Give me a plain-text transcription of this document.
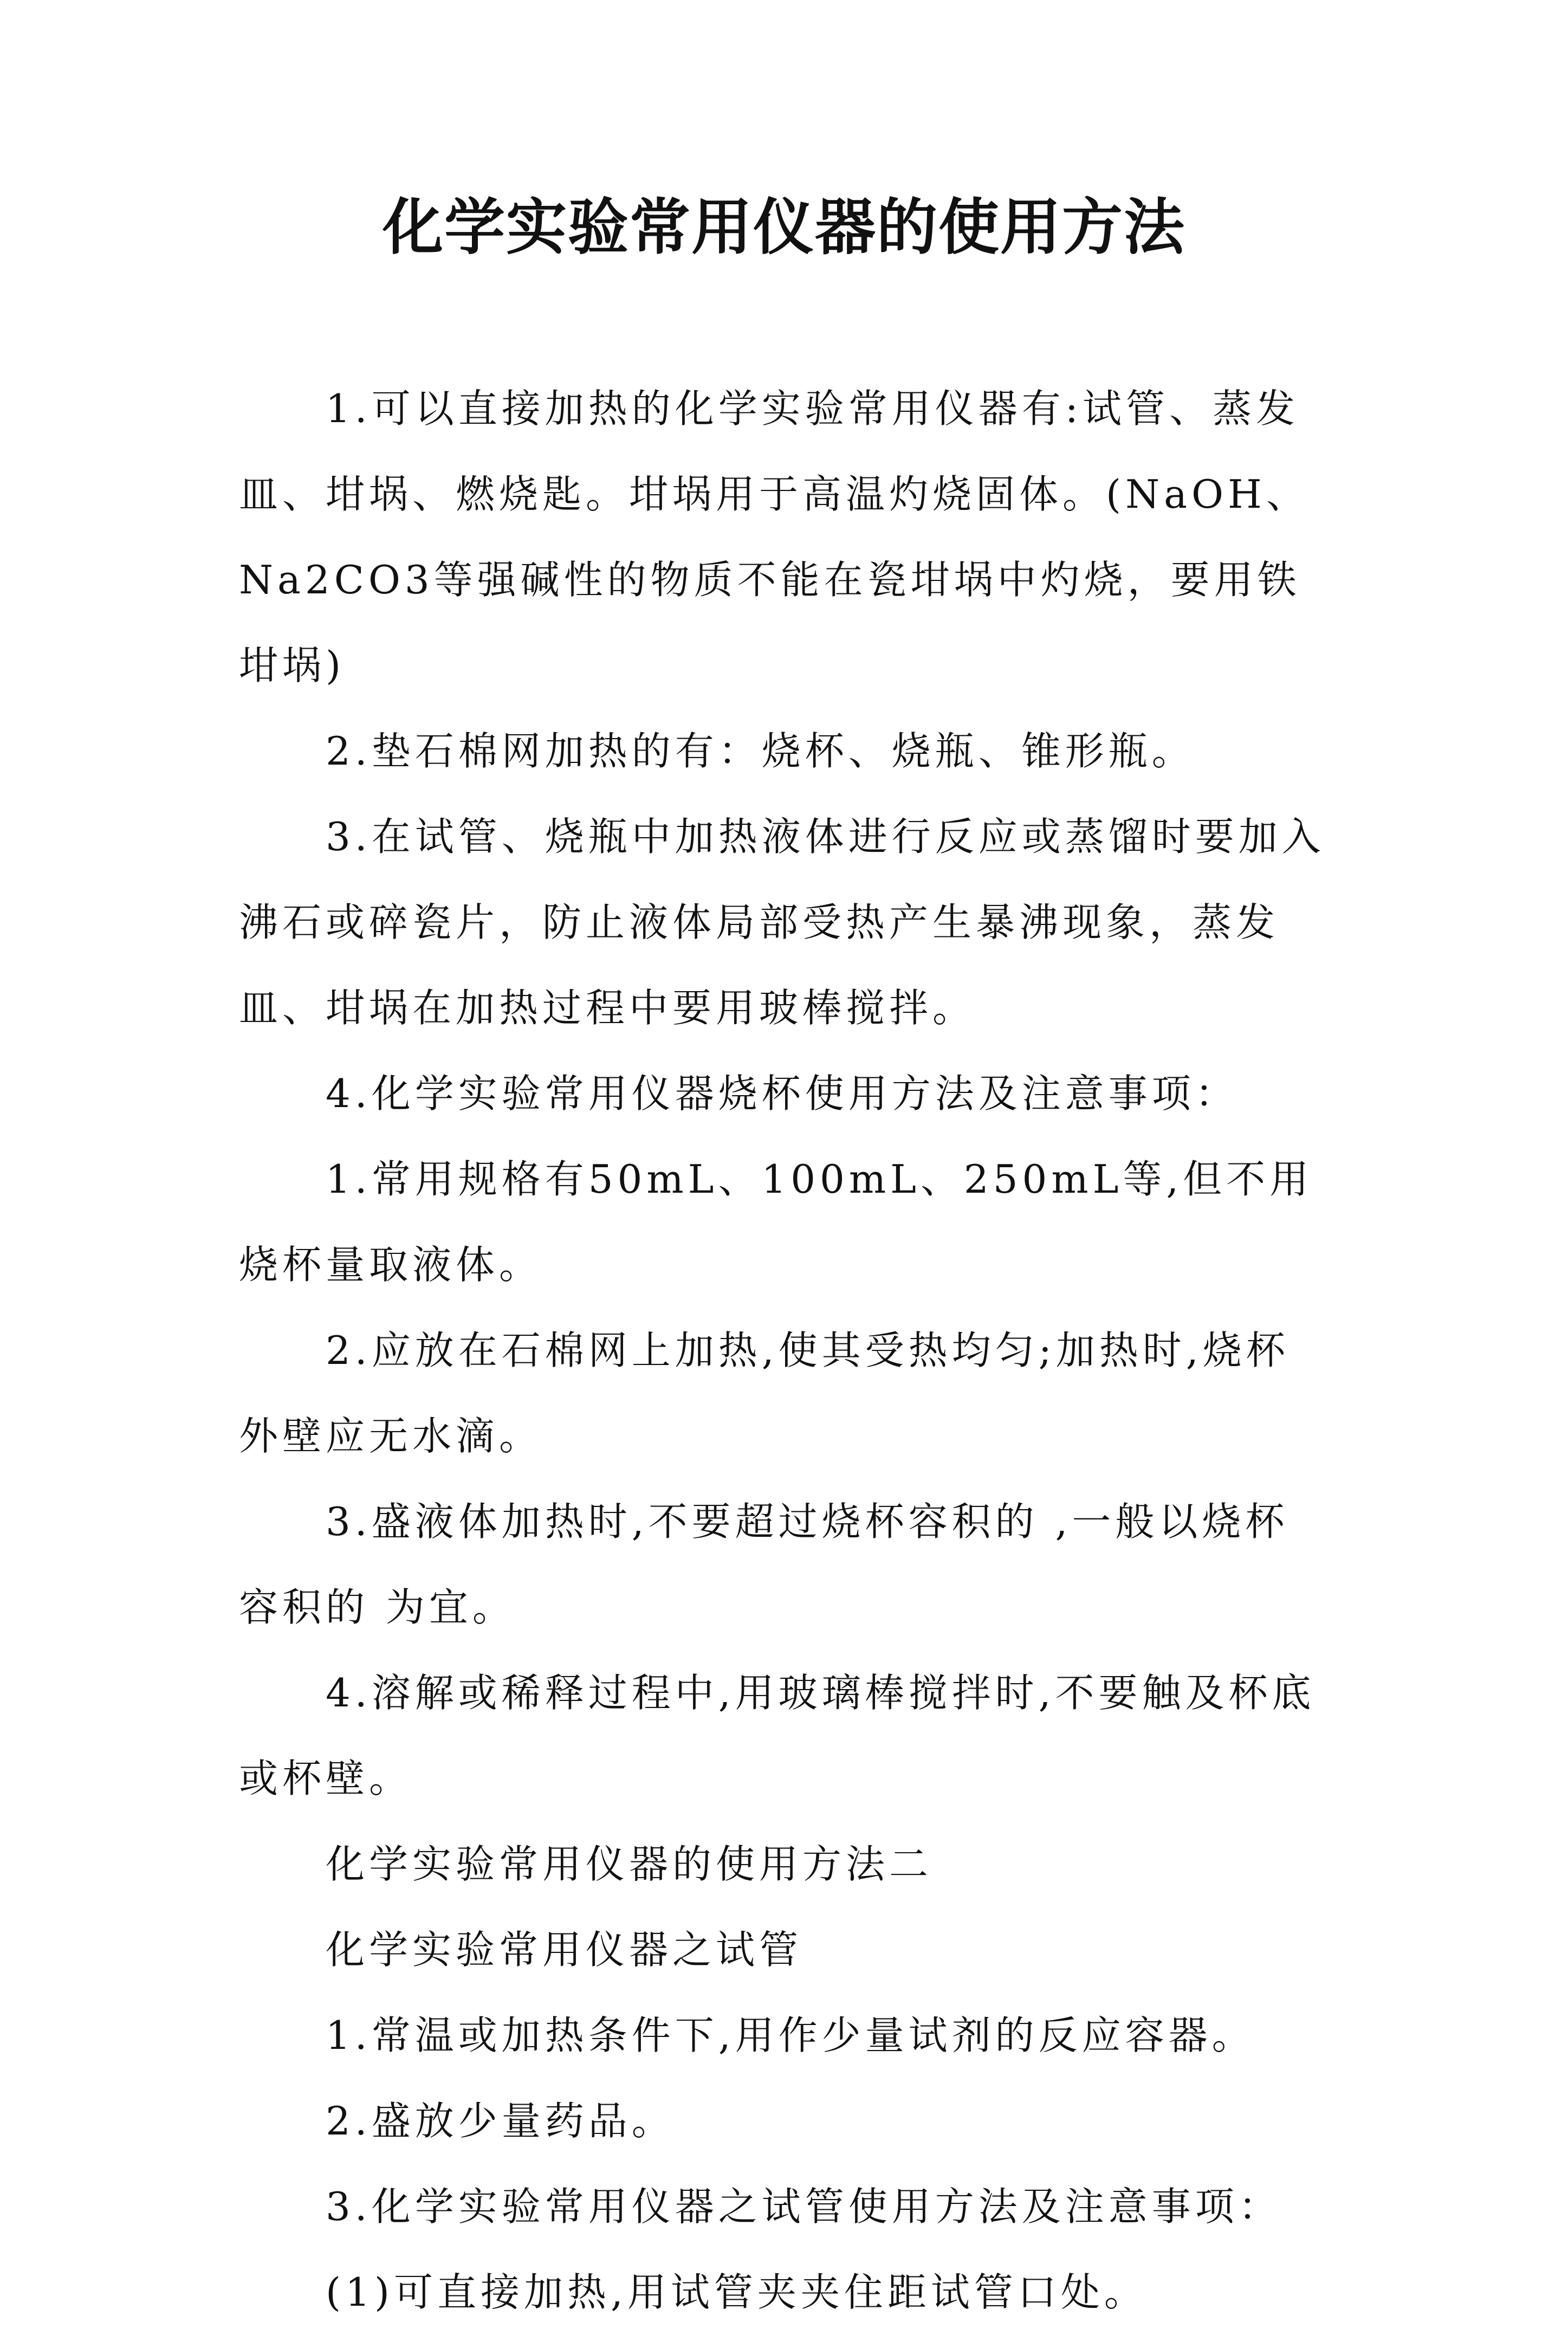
化学实验常用仪器的使用方法

1.可以直接加热的化学实验常用仪器有:试管、蒸发皿、坩埚、燃烧匙。坩埚用于高温灼烧固体。(NaOH、Na2CO3等强碱性的物质不能在瓷坩埚中灼烧，要用铁坩埚)

2.垫石棉网加热的有：烧杯、烧瓶、锥形瓶。

3.在试管、烧瓶中加热液体进行反应或蒸馏时要加入沸石或碎瓷片，防止液体局部受热产生暴沸现象，蒸发皿、坩埚在加热过程中要用玻棒搅拌。

4.化学实验常用仪器烧杯使用方法及注意事项：

1.常用规格有50mL、100mL、250mL等,但不用烧杯量取液体。

2.应放在石棉网上加热,使其受热均匀;加热时,烧杯外壁应无水滴。

3.盛液体加热时,不要超过烧杯容积的 ,一般以烧杯容积的 为宜。

4.溶解或稀释过程中,用玻璃棒搅拌时,不要触及杯底或杯壁。

化学实验常用仪器的使用方法二

化学实验常用仪器之试管

1.常温或加热条件下,用作少量试剂的反应容器。

2.盛放少量药品。

3.化学实验常用仪器之试管使用方法及注意事项：

(1)可直接加热,用试管夹夹住距试管口处。
